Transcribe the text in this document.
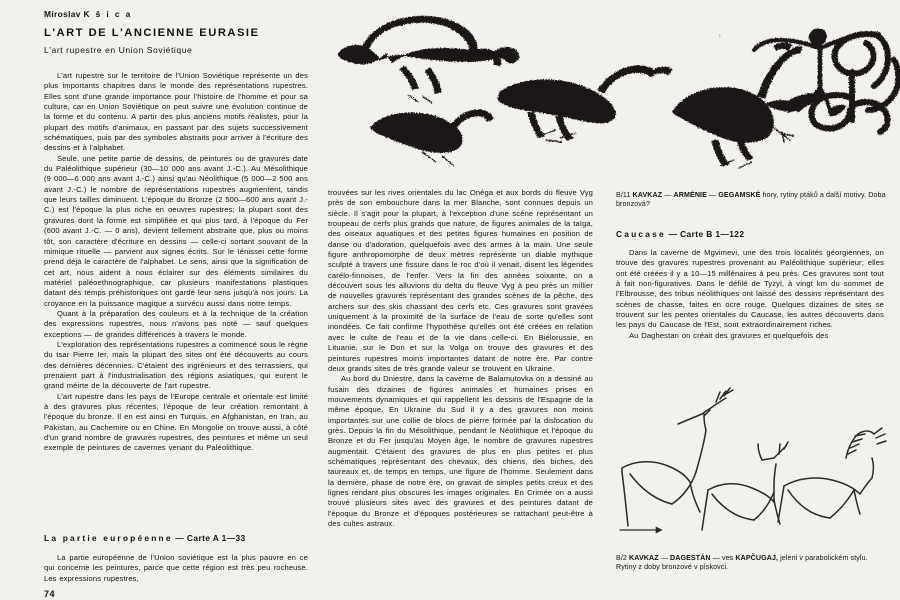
Miroslav K š i c a
L'ART DE L'ANCIENNE EURASIE
L'art rupestre en Union Soviétique

L'art rupestre sur le territoire de l'Union Soviétique représente un des plus importants chapitres dans le monde des représentations rupestres. Elles sont d'une grande importance pour l'histoire de l'homme et pour sa culture, car en Union Soviétique on peut suivre une évolution continue de la forme et du contenu. A partir des plus anciens motifs réalistes, pour la plupart des motifs d'animaux, en passant par des sujets successivement schématiques, puis par des symboles abstraits pour arriver à l'écriture des dessins et à l'alphabet.

Seule, une petite partie de dessins, de peintures ou de gravures date du Paléolithique supérieur (30—10 000 ans avant J.-C.). Au Mésolithique (9 000—6 000 ans avant J.-C.) ainsi qu'au Néolithique (5 000—2 500 ans avant J.-C.) le nombre de représentations rupestres augmentent, tandis que leurs tailles diminuent. L'époque du Bronze (2 500—600 ans avant J.-C.) est l'époque la plus riche en oeuvres rupestres; la plupart sont des gravures dont la forme est simplifiée et qui plus tard, à l'époque du Fer (600 avant J.-C. — 0 ans), devient tellement abstraite que, plus ou moins tôt, son caractère d'écriture en dessins — celle-ci sortant souvant de la mimique rituelle — parvient aux signes écrits. Sur le Iénissei cette forme prend déjà le caractère de l'alphabet. Le sens, ainsi que la signification de cet art, nous aident à nous éclairer sur des éléments similaires du matériel paléoethnographique, car plusieurs manifestations plastiques datant des temps préhistoriques ont gardé leur sens jusqu'à nos jours. La croyance en la puissance magique a survécu aussi dans notre temps.

Quant à la préparation des couleurs et à la technique de la création des expressions rupestres, nous n'avons pas noté — sauf quelques exceptions — de grandes différences à travers le monde.

L'exploration des représentations rupestres a commencé sous le règne du tsar Pierre Ier, mais la plupart des sites ont été découverts au cours des dernières décennies. C'étaient des ingrénieurs et des terrassiers, qui prenaient part à l'industrialisation des régions asiatiques, qui eurent le grand méirte de la découverte de l'art rupestre.

L'art rupestre dans les pays de l'Europe centrale et orientale est limité à des gravures plus récentes, l'époque de leur création remontant à l'époque du bronze. Il en est ainsi en Turquis, en Afghanistan, en Iran, au Pakistan, au Cachemire ou en Chine. En Mongolie on trouve aussi, à côté d'un grand nombre de gravures rupestres, des peintures et même un seul exemple de peintures de cavernes venant du Paléolithique.

La partie européenne — Carte A 1—33

La partie européenne de l'Union soviétique est la plus pauvre en ce qui concerne les peintures, parce que cette région est très peu rocheuse. Les expressions rupestres,

74

trouvées sur les rives orientales du lac Onéga et aux bords du fleuve Vyg près de son embouchure dans la mer Blanche, sont connues depuis un siècle. Il s'agit pour la plupart, à l'exception d'une scène représentant un troupeau de cerfs plus grands que nature, de figures animales de la taïga, des oiseaux aquatiques et des petites figures humaines en position de danse ou d'adoration, quelquefois avec des armes à la main. Une seule figure anthropomorphe de deux mètres représente un diable mythique sculpté à travers une fissure dans le roc d'où il venait, disent les légendes carélo-finnoises, de l'enfer. Vers la fin des années soixante, on a découvert sous les alluvions du delta du fleuve Vyg à peu près un millier de nouvelles gravures représentant des grandes scènes de la pêche, des archers sur des skis chassant des cerfs etc. Ces gravures sont gravées uniquement à la proximité de la surface de l'eau de sorte qu'elles sont inondées. Ce fait confirme l'hypothèse qu'elles ont été créées en relation avec le culte de l'eau et de la vie dans celle-ci. En Biélorussie, en Lituanie, sur le Don et sur la Volga on trouve des gravures et des peintures rupestres moins importantes datant de notre ère. Par contre deux grands sites de très grande valeur se trouvent en Ukraine.

Au bord du Dniestre, dans la caverne de Balamutovka on a dessiné au fusain des dizaines de figures animales et humaines prises en mouvements dynamiques et qui rappellent les dessins de l'Espagne de la même époque. En Ukraine du Sud il y a des gravures non moins importantes sur une collie de blocs de pierre formée par la dislocation du grès. Depuis la fin du Mésolithique, pendant le Néolithique et l'époque du Bronze et du Fer jusqu'au Moyen âge, le nombre de gravures rupestres augmentait. C'étaient des gravures de plus en plus petites et plus schématiques représentant des chevaux, des chiens, des biches, des taureaux et, de temps en temps, une figure de l'homme. Seulement dans la dernière, phase de notre ère, on gravait de simples petits creux et des lignes rendant plus obscures les images originales. En Crimée on a aussi trouvé plusieurs sites avec des gravures et des peintures datant de l'époque du Bronze et d'époques postérieures se rattachant peut-être à des cultes astraux.

B/11 KAVKAZ — ARMÉNIE — GEGAMSKÉ hory, rytiny ptáků a další motivy. Doba bronzová?
Caucase — Carte B 1—122

Dans la caverne de Mgvimevi, une des trois localités géorgiennes, on trouve des gravures rupestres provenant au Paléolithique supérieur; elles ont été créées il y a 10—15 millénaires à peu près. Ces gravures sont tout à fait non-figuratives. Dans le défilé de Tyzyl, à vingt km du sommet de l'Elbrousse, des tribus néolithiques ont laissé des dessins représentant des scènes de chasse, faites en ocre rouge. Quelques dizaines de sites se trouvent sur les pentes orientales du Caucase, les autres découverts dans les pays du Caucase de l'Est, sont extraordinairement riches.

Au Daghestan on créait des gravures et quelquefois des

B/2 KAVKAZ — DAGESTÁN — ves KAPČUGAJ, jeleni v parabolickém stylu. Rytiny z doby bronzové v pískovci.
